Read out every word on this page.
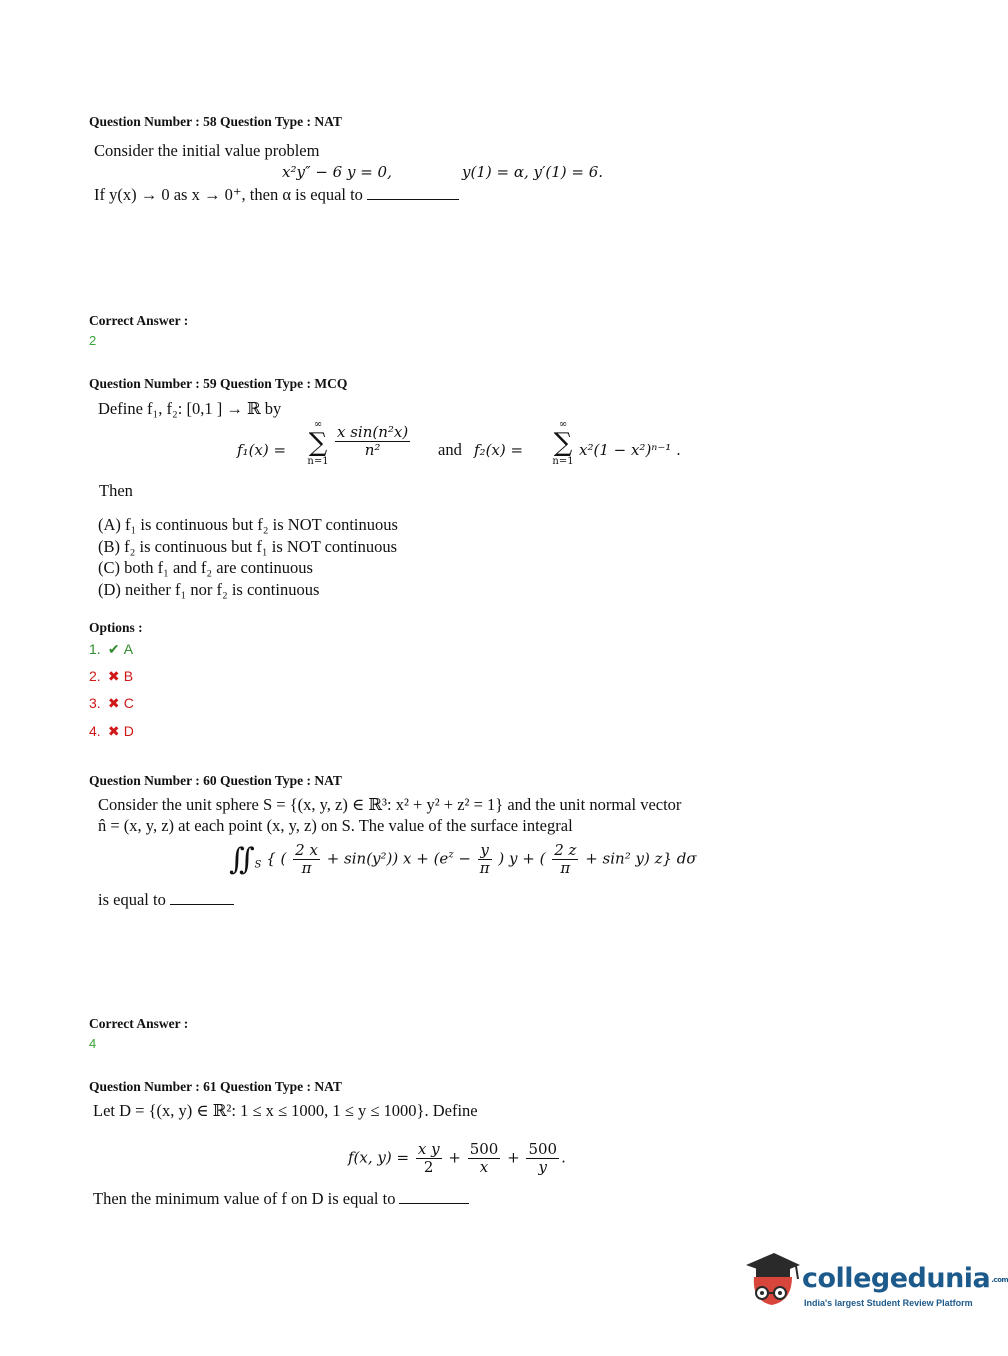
Question Number : 58 Question Type : NAT
Consider the initial value problem
x²y″ − 6 y = 0,	y(1) = α, y′(1) = 6.
If y(x) → 0 as x → 0⁺, then α is equal to
Correct Answer :
2
Question Number : 59 Question Type : MCQ
Define f₁, f₂: [0,1 ] → ℝ by
f₁(x) =
∞
∑
n=1
$\frac{\text{x sin(n²x)}}{\text{n²}}$ and f₂(x) =
∞
∑
n=1
x²(1 − x²)ⁿ⁻¹ .
Then
(A) f₁ is continuous but f₂ is NOT continuous
(B) f₂ is continuous but f₁ is NOT continuous
(C) both f₁ and f₂ are continuous
(D) neither f₁ nor f₂ is continuous
Options :
1. ✔ A
2. ✖ B
3. ✖ C
4. ✖ D
Question Number : 60 Question Type : NAT
Consider the unit sphere S = {(x, y, z) ∈ ℝ³: x² + y² + z² = 1} and the unit normal vector
n̂ = (x, y, z) at each point (x, y, z) on S. The value of the surface integral
$∬_S$ { ( $\frac{2 x}{\pi} + \sin(y^2)$) $x + (e^z - \frac{y}{\pi}$ ) y + ( $\frac{2 z}{\pi} + \sin^2$ y) z} dσ
is equal to
Correct Answer :
4
Question Number : 61 Question Type : NAT
Let D = {(x, y) ∈ ℝ²: 1 ≤ x ≤ 1000, 1 ≤ y ≤ 1000}. Define
f(x, $y) = \frac{\text{x y}}{2} + \frac{500}{x} + \frac{500}{y}$ .
Then the minimum value of f on D is equal to
collegedunia.com
India's largest Student Review Platform
